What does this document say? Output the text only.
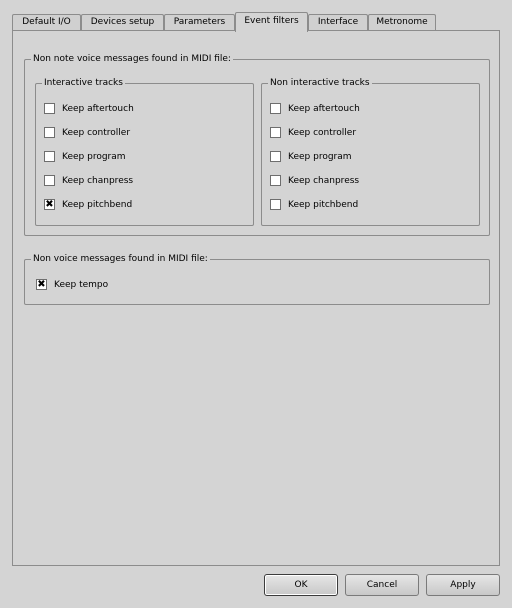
Default I/O	Devices setup	Parameters	Event filters	Interface	Metronome
Non note voice messages found in MIDI file:
Interactive tracks
Keep aftertouch
Keep controller
Keep program
Keep chanpress
✖ Keep pitchbend
Non interactive tracks
Keep aftertouch
Keep controller
Keep program
Keep chanpress
Keep pitchbend
Non voice messages found in MIDI file:
✖ Keep tempo
OK	Cancel	Apply
